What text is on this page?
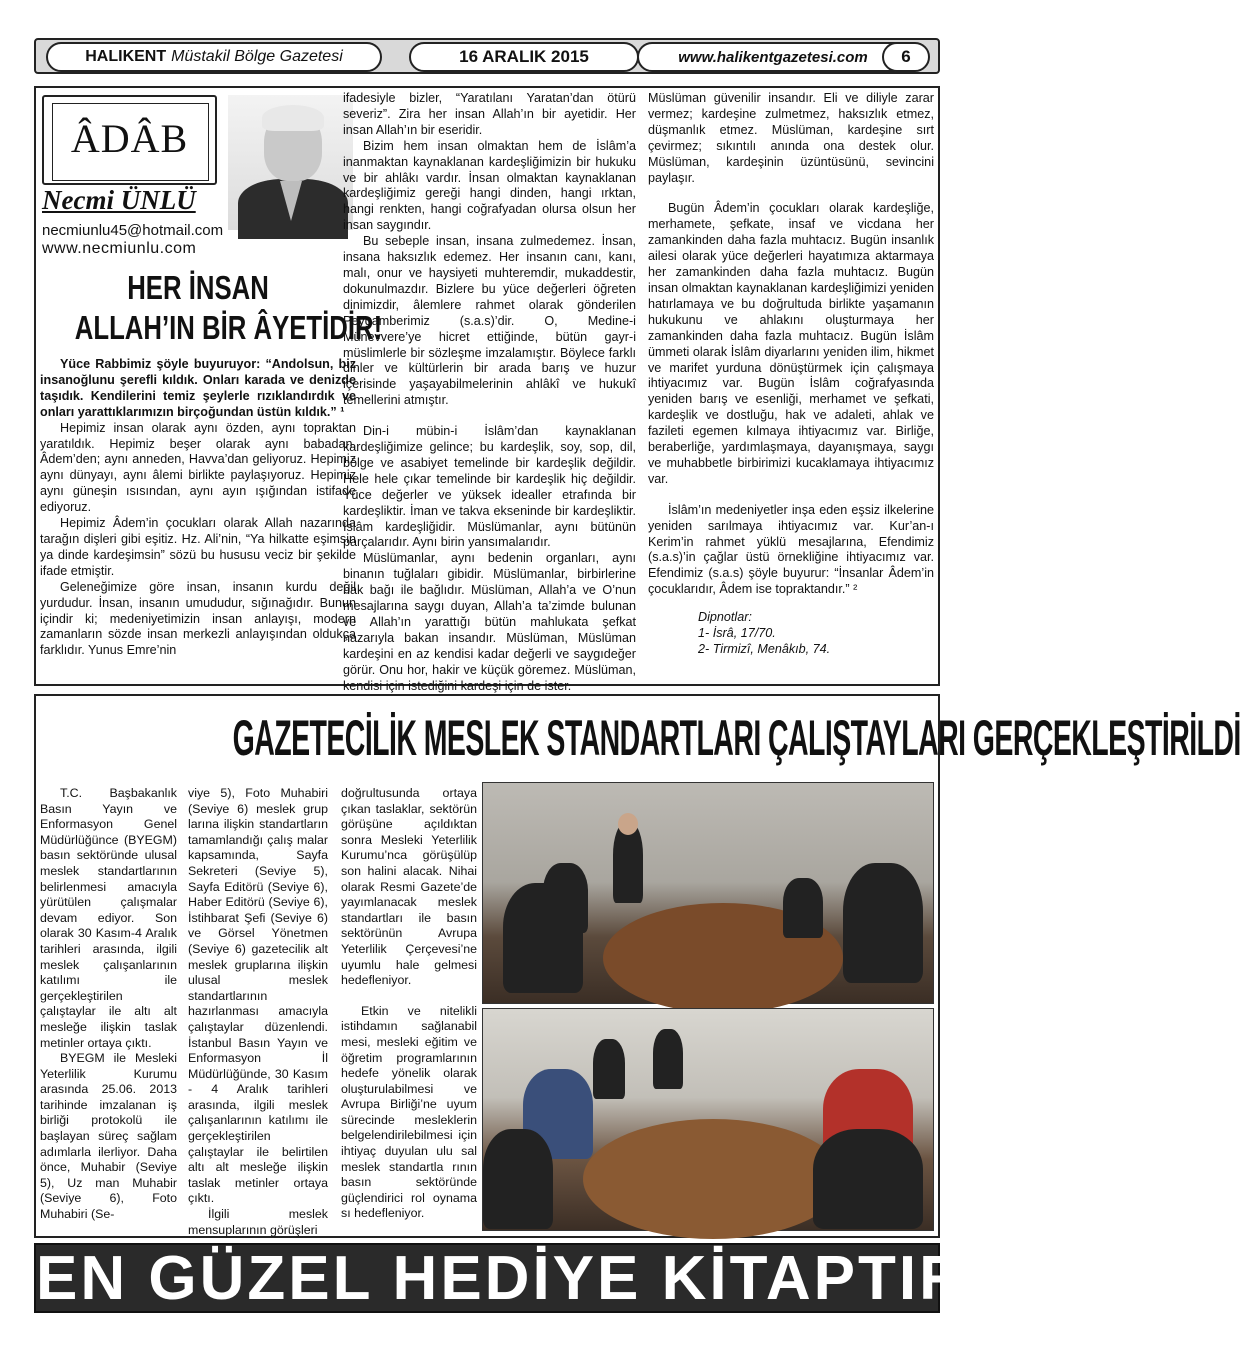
HALIKENT Müstakil Bölge Gazetesi	16 ARALIK 2015	www.halikentgazetesi.com	6
ÂDÂB
Necmi ÜNLÜ
necmiunlu45@hotmail.com
www.necmiunlu.com
HER İNSAN
ALLAH’IN BİR ÂYETİDİR!

Yüce Rabbimiz şöyle buyuruyor: “Andolsun, biz insanoğlunu şerefli kıldık. Onları karada ve denizde taşıdık. Kendilerini temiz şeylerle rızıklandırdık ve onları yarattıklarımızın birçoğundan üstün kıldık.” ¹

Hepimiz insan olarak aynı özden, aynı topraktan yaratıldık. Hepimiz beşer olarak aynı babadan, Âdem’den; aynı anneden, Havva’dan geliyoruz. Hepimiz aynı dünyayı, aynı âlemi birlikte paylaşıyoruz. Hepimiz aynı güneşin ısısından, aynı ayın ışığından istifade ediyoruz.

Hepimiz Âdem’in çocukları olarak Allah nazarında tarağın dişleri gibi eşitiz. Hz. Ali’nin, “Ya hilkatte eşimsin ya dinde kardeşimsin” sözü bu hususu veciz bir şekilde ifade etmiştir.

Geleneğimize göre insan, insanın kurdu değil yurdudur. İnsan, insanın umududur, sığınağıdır. Bunun içindir ki; medeniyetimizin insan anlayışı, modern zamanların sözde insan merkezli anlayışından oldukça farklıdır. Yunus Emre’nin

ifadesiyle bizler, “Yaratılanı Yaratan’dan ötürü severiz”. Zira her insan Allah’ın bir ayetidir. Her insan Allah’ın bir eseridir.

Bizim hem insan olmaktan hem de İslâm’a inanmaktan kaynaklanan kardeşliğimizin bir hukuku ve bir ahlâkı vardır. İnsan olmaktan kaynaklanan kardeşliğimiz gereği hangi dinden, hangi ırktan, hangi renkten, hangi coğrafyadan olursa olsun her insan saygındır.

Bu sebeple insan, insana zulmedemez. İnsan, insana haksızlık edemez. Her insanın canı, kanı, malı, onur ve haysiyeti muhteremdir, mukaddestir, dokunulmazdır. Bizlere bu yüce değerleri öğreten dinimizdir, âlemlere rahmet olarak gönderilen Peygamberimiz (s.a.s)’dir. O, Medine-i Münevvere’ye hicret ettiğinde, bütün gayr-i müslimlerle bir sözleşme imzalamıştır. Böylece farklı dinler ve kültürlerin bir arada barış ve huzur içerisinde yaşayabilmelerinin ahlâkî ve hukukî temellerini atmıştır.

Din-i mübin-i İslâm’dan kaynaklanan kardeşliğimize gelince; bu kardeşlik, soy, sop, dil, bölge ve asabiyet temelinde bir kardeşlik değildir. Hele hele çıkar temelinde bir kardeşlik hiç değildir. Yüce değerler ve yüksek idealler etrafında bir kardeşliktir. İman ve takva ekseninde bir kardeşliktir. İslâm kardeşliğidir. Müslümanlar, aynı bütünün parçalarıdır. Aynı birin yansımalarıdır.

Müslümanlar, aynı bedenin organları, aynı binanın tuğlaları gibidir. Müslümanlar, birbirlerine hak bağı ile bağlıdır. Müslüman, Allah’a ve O’nun mesajlarına saygı duyan, Allah’a ta’zimde bulunan ve Allah’ın yarattığı bütün mahlukata şefkat nazarıyla bakan insandır. Müslüman, Müslüman kardeşini en az kendisi kadar değerli ve saygıdeğer görür. Onu hor, hakir ve küçük göremez. Müslüman, kendisi için istediğini kardeşi için de ister.

Müslüman güvenilir insandır. Eli ve diliyle zarar vermez; kardeşine zulmetmez, haksızlık etmez, düşmanlık etmez. Müslüman, kardeşine sırt çevirmez; sıkıntılı anında ona destek olur. Müslüman, kardeşinin üzüntüsünü, sevincini paylaşır.

Bugün Âdem’in çocukları olarak kardeşliğe, merhamete, şefkate, insaf ve vicdana her zamankinden daha fazla muhtacız. Bugün insanlık ailesi olarak yüce değerleri hayatımıza aktarmaya her zamankinden daha fazla muhtacız. Bugün insan olmaktan kaynaklanan kardeşliğimizi yeniden hatırlamaya ve bu doğrultuda birlikte yaşamanın hukukunu ve ahlakını oluşturmaya her zamankinden daha fazla muhtacız. Bugün İslâm ümmeti olarak İslâm diyarlarını yeniden ilim, hikmet ve marifet yurduna dönüştürmek için çalışmaya ihtiyacımız var. Bugün İslâm coğrafyasında yeniden barış ve esenliği, merhamet ve şefkati, kardeşlik ve dostluğu, hak ve adaleti, ahlak ve fazileti egemen kılmaya ihtiyacımız var. Birliğe, beraberliğe, yardımlaşmaya, dayanışmaya, saygı ve muhabbetle birbirimizi kucaklamaya ihtiyacımız var.

İslâm’ın medeniyetler inşa eden eşsiz ilkelerine yeniden sarılmaya ihtiyacımız var. Kur’an-ı Kerim’in rahmet yüklü mesajlarına, Efendimiz (s.a.s)’in çağlar üstü örnekliğine ihtiyacımız var. Efendimiz (s.a.s) şöyle buyurur: “İnsanlar Âdem’in çocuklarıdır, Âdem ise topraktandır.” ²

Dipnotlar:
1- İsrâ, 17/70.
2- Tirmizî, Menâkıb, 74.
GAZETECİLİK MESLEK STANDARTLARI ÇALIŞTAYLARI GERÇEKLEŞTİRİLDİ

T.C. Başbakanlık Basın Yayın ve Enformasyon Genel Müdürlüğünce (BYEGM) basın sektöründe ulusal meslek standartlarının belirlenmesi amacıyla yürütülen çalışmalar devam ediyor. Son olarak 30 Kasım-4 Aralık tarihleri arasında, ilgili meslek çalışanlarının katılımı ile gerçekleştirilen çalıştaylar ile altı alt mesleğe ilişkin taslak metinler ortaya çıktı.

BYEGM ile Mesleki Yeterlilik Kurumu arasında 25.06. 2013 tarihinde imzalanan iş birliği protokolü ile başlayan süreç sağlam adımlarla ilerliyor. Daha önce, Muhabir (Seviye 5), Uz man Muhabir (Seviye 6), Foto Muhabiri (Se-

viye 5), Foto Muhabiri (Seviye 6) meslek grup larına ilişkin standartların tamamlandığı çalış malar kapsamında, Sayfa Sekreteri (Seviye 5), Sayfa Editörü (Seviye 6), Haber Editörü (Seviye 6), İstihbarat Şefi (Seviye 6) ve Görsel Yönetmen (Seviye 6) gazetecilik alt meslek gruplarına ilişkin ulusal meslek standartlarının hazırlanması amacıyla çalıştaylar düzenlendi. İstanbul Basın Yayın ve Enformasyon İl Müdürlüğünde, 30 Kasım - 4 Aralık tarihleri arasında, ilgili meslek çalışanlarının katılımı ile gerçekleştirilen çalıştaylar ile belirtilen altı alt mesleğe ilişkin taslak metinler ortaya çıktı.

İlgili meslek mensuplarının görüşleri

doğrultusunda ortaya çıkan taslaklar, sektörün görüşüne açıldıktan sonra Mesleki Yeterlilik Kurumu’nca görüşülüp son halini alacak. Nihai olarak Resmi Gazete’de yayımlanacak meslek standartları ile basın sektörünün Avrupa Yeterlilik Çerçevesi’ne uyumlu hale gelmesi hedefleniyor.

Etkin ve nitelikli istihdamın sağlanabil mesi, mesleki eğitim ve öğretim programlarının hedefe yönelik olarak oluşturulabilmesi ve Avrupa Birliği’ne uyum sürecinde mesleklerin belgelendirilebilmesi için ihtiyaç duyulan ulu sal meslek standartla rının basın sektöründe güçlendirici rol oynama sı hedefleniyor.

EN GÜZEL HEDİYE KİTAPTIR
